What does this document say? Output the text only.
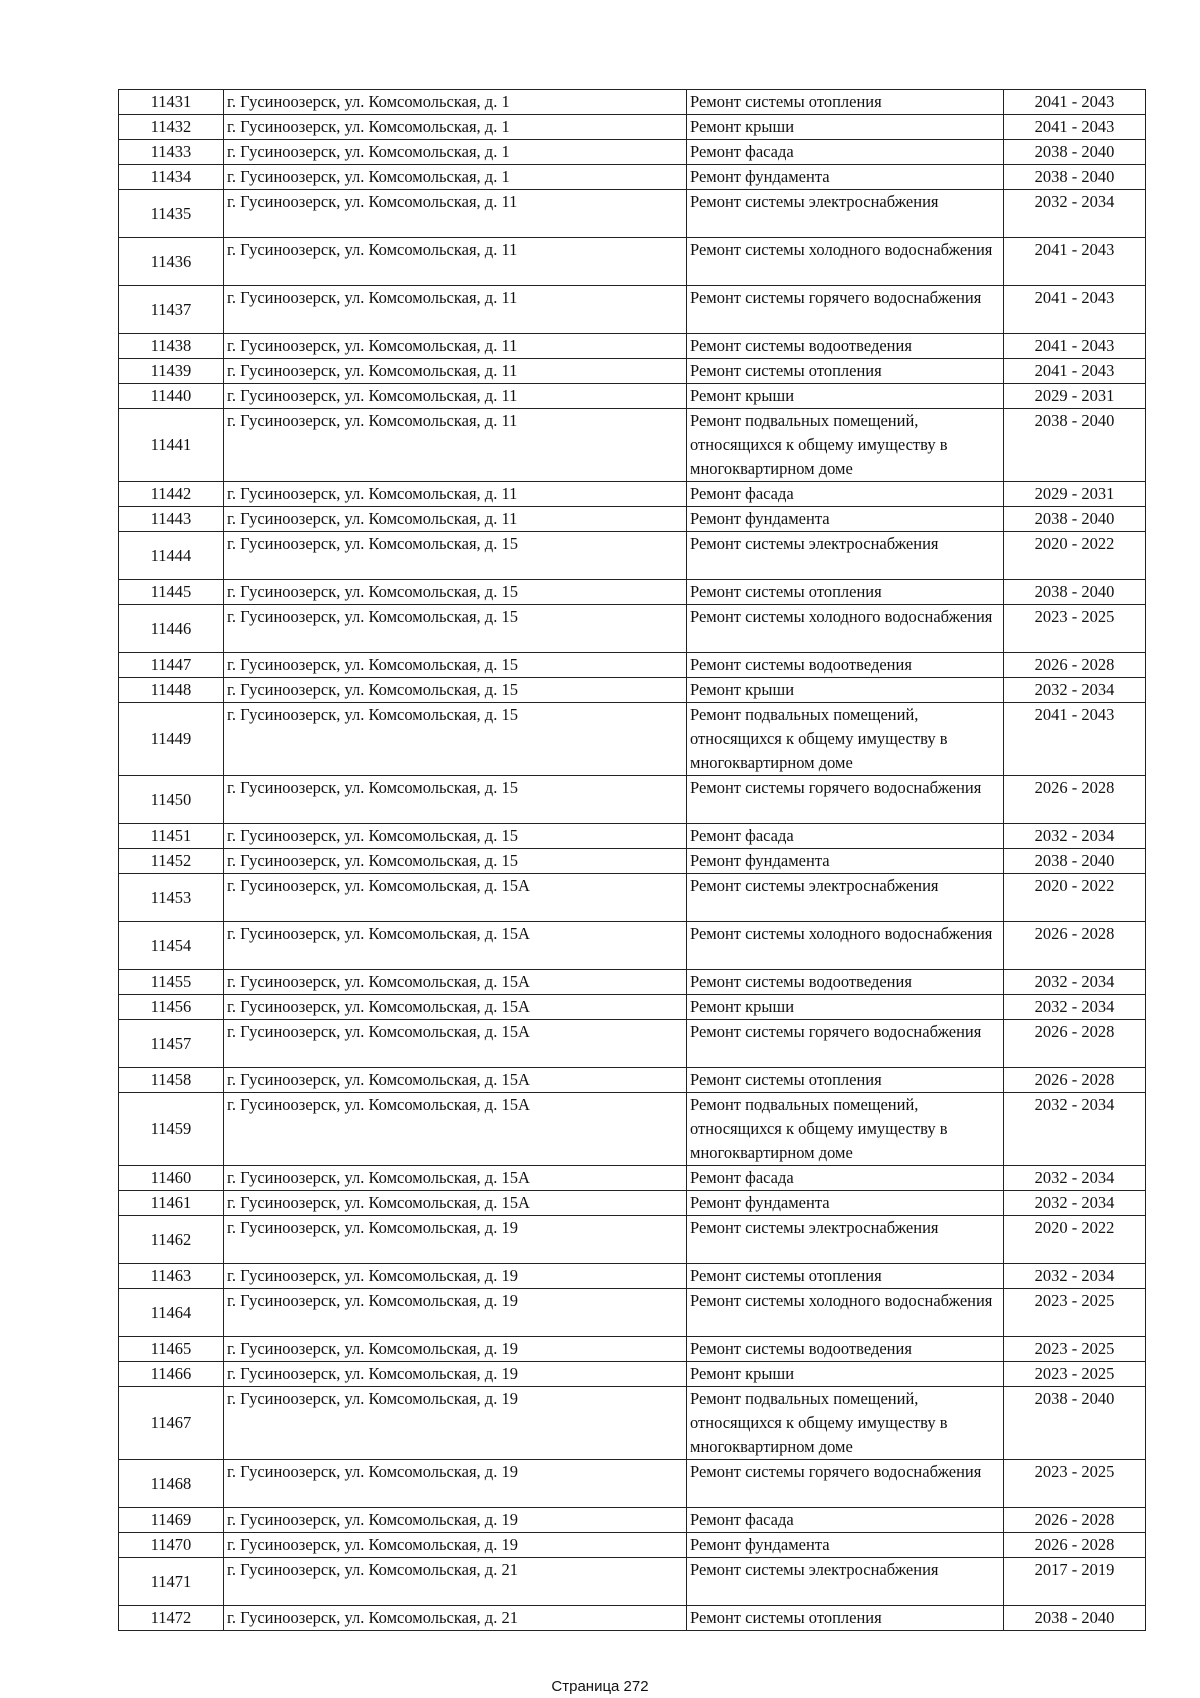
11431	г. Гусиноозерск, ул. Комсомольская, д. 1	Ремонт системы отопления	2041 - 2043
11432	г. Гусиноозерск, ул. Комсомольская, д. 1	Ремонт крыши	2041 - 2043
11433	г. Гусиноозерск, ул. Комсомольская, д. 1	Ремонт фасада	2038 - 2040
11434	г. Гусиноозерск, ул. Комсомольская, д. 1	Ремонт фундамента	2038 - 2040
11435	г. Гусиноозерск, ул. Комсомольская, д. 11	Ремонт системы электроснабжения	2032 - 2034
11436	г. Гусиноозерск, ул. Комсомольская, д. 11	Ремонт системы холодного водоснабжения	2041 - 2043
11437	г. Гусиноозерск, ул. Комсомольская, д. 11	Ремонт системы горячего водоснабжения	2041 - 2043
11438	г. Гусиноозерск, ул. Комсомольская, д. 11	Ремонт системы водоотведения	2041 - 2043
11439	г. Гусиноозерск, ул. Комсомольская, д. 11	Ремонт системы отопления	2041 - 2043
11440	г. Гусиноозерск, ул. Комсомольская, д. 11	Ремонт крыши	2029 - 2031
11441	г. Гусиноозерск, ул. Комсомольская, д. 11	Ремонт подвальных помещений, относящихся к общему имуществу в многоквартирном доме	2038 - 2040
11442	г. Гусиноозерск, ул. Комсомольская, д. 11	Ремонт фасада	2029 - 2031
11443	г. Гусиноозерск, ул. Комсомольская, д. 11	Ремонт фундамента	2038 - 2040
11444	г. Гусиноозерск, ул. Комсомольская, д. 15	Ремонт системы электроснабжения	2020 - 2022
11445	г. Гусиноозерск, ул. Комсомольская, д. 15	Ремонт системы отопления	2038 - 2040
11446	г. Гусиноозерск, ул. Комсомольская, д. 15	Ремонт системы холодного водоснабжения	2023 - 2025
11447	г. Гусиноозерск, ул. Комсомольская, д. 15	Ремонт системы водоотведения	2026 - 2028
11448	г. Гусиноозерск, ул. Комсомольская, д. 15	Ремонт крыши	2032 - 2034
11449	г. Гусиноозерск, ул. Комсомольская, д. 15	Ремонт подвальных помещений, относящихся к общему имуществу в многоквартирном доме	2041 - 2043
11450	г. Гусиноозерск, ул. Комсомольская, д. 15	Ремонт системы горячего водоснабжения	2026 - 2028
11451	г. Гусиноозерск, ул. Комсомольская, д. 15	Ремонт фасада	2032 - 2034
11452	г. Гусиноозерск, ул. Комсомольская, д. 15	Ремонт фундамента	2038 - 2040
11453	г. Гусиноозерск, ул. Комсомольская, д. 15А	Ремонт системы электроснабжения	2020 - 2022
11454	г. Гусиноозерск, ул. Комсомольская, д. 15А	Ремонт системы холодного водоснабжения	2026 - 2028
11455	г. Гусиноозерск, ул. Комсомольская, д. 15А	Ремонт системы водоотведения	2032 - 2034
11456	г. Гусиноозерск, ул. Комсомольская, д. 15А	Ремонт крыши	2032 - 2034
11457	г. Гусиноозерск, ул. Комсомольская, д. 15А	Ремонт системы горячего водоснабжения	2026 - 2028
11458	г. Гусиноозерск, ул. Комсомольская, д. 15А	Ремонт системы отопления	2026 - 2028
11459	г. Гусиноозерск, ул. Комсомольская, д. 15А	Ремонт подвальных помещений, относящихся к общему имуществу в многоквартирном доме	2032 - 2034
11460	г. Гусиноозерск, ул. Комсомольская, д. 15А	Ремонт фасада	2032 - 2034
11461	г. Гусиноозерск, ул. Комсомольская, д. 15А	Ремонт фундамента	2032 - 2034
11462	г. Гусиноозерск, ул. Комсомольская, д. 19	Ремонт системы электроснабжения	2020 - 2022
11463	г. Гусиноозерск, ул. Комсомольская, д. 19	Ремонт системы отопления	2032 - 2034
11464	г. Гусиноозерск, ул. Комсомольская, д. 19	Ремонт системы холодного водоснабжения	2023 - 2025
11465	г. Гусиноозерск, ул. Комсомольская, д. 19	Ремонт системы водоотведения	2023 - 2025
11466	г. Гусиноозерск, ул. Комсомольская, д. 19	Ремонт крыши	2023 - 2025
11467	г. Гусиноозерск, ул. Комсомольская, д. 19	Ремонт подвальных помещений, относящихся к общему имуществу в многоквартирном доме	2038 - 2040
11468	г. Гусиноозерск, ул. Комсомольская, д. 19	Ремонт системы горячего водоснабжения	2023 - 2025
11469	г. Гусиноозерск, ул. Комсомольская, д. 19	Ремонт фасада	2026 - 2028
11470	г. Гусиноозерск, ул. Комсомольская, д. 19	Ремонт фундамента	2026 - 2028
11471	г. Гусиноозерск, ул. Комсомольская, д. 21	Ремонт системы электроснабжения	2017 - 2019
11472	г. Гусиноозерск, ул. Комсомольская, д. 21	Ремонт системы отопления	2038 - 2040
Страница 272
